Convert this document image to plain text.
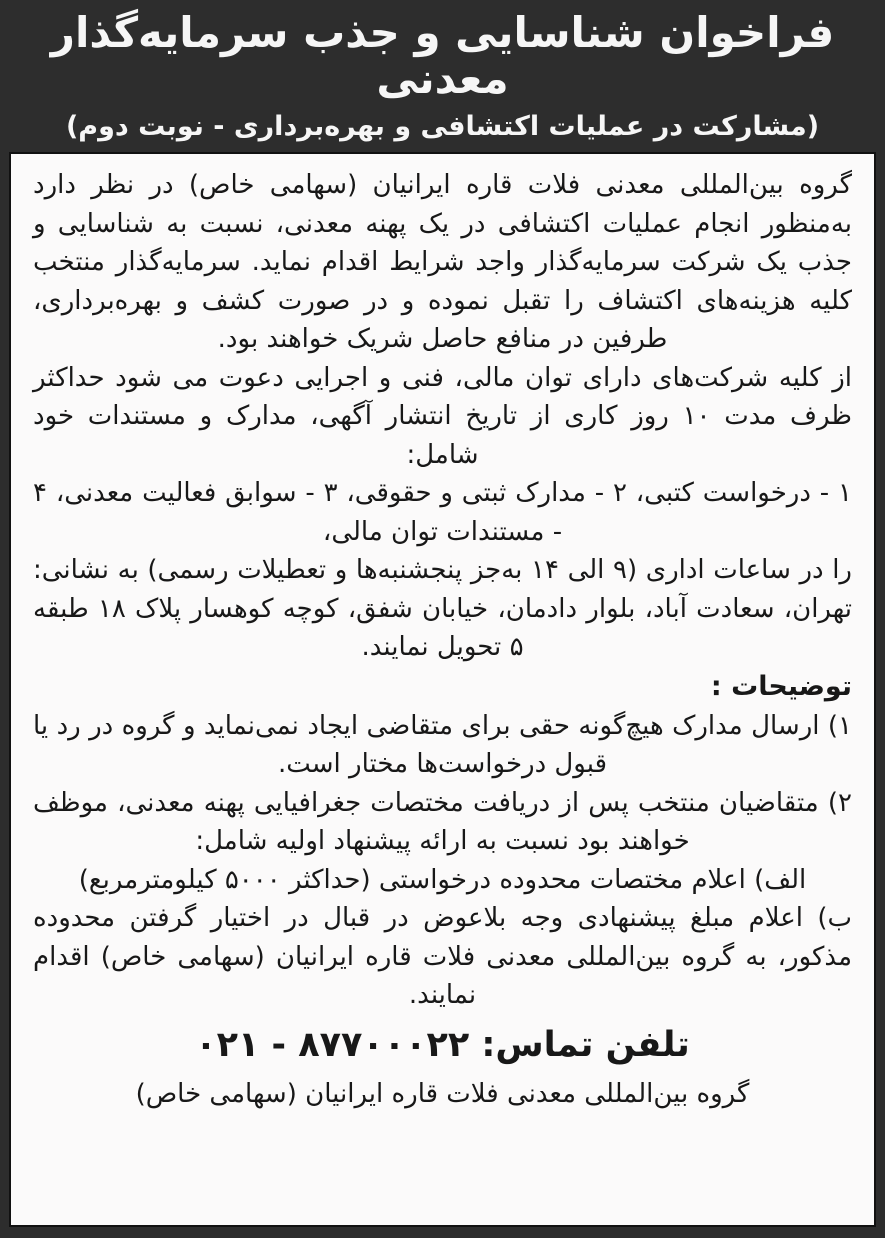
فراخوان شناسایی و جذب سرمایه‌گذار معدنی
(مشارکت در عملیات اکتشافی و بهره‌برداری - نوبت دوم)

گروه بین‌المللی معدنی فلات قاره ایرانیان (سهامی خاص) در نظر دارد به‌منظور انجام عملیات اکتشافی در یک پهنه معدنی، نسبت به شناسایی و جذب یک شرکت سرمایه‌گذار واجد شرایط اقدام نماید. سرمایه‌گذار منتخب کلیه هزینه‌های اکتشاف را تقبل نموده و در صورت کشف و بهره‌برداری، طرفین در منافع حاصل شریک خواهند بود.

از کلیه شرکت‌های دارای توان مالی، فنی و اجرایی دعوت می شود حداکثر ظرف مدت ۱۰ روز کاری از تاریخ انتشار آگهی، مدارک و مستندات خود شامل:

۱ - درخواست کتبی، ۲ - مدارک ثبتی و حقوقی، ۳ - سوابق فعالیت معدنی، ۴ - مستندات توان مالی،

را در ساعات اداری (۹ الی ۱۴ به‌جز پنجشنبه‌ها و تعطیلات رسمی) به نشانی: تهران، سعادت آباد، بلوار دادمان، خیابان شفق، کوچه کوهسار پلاک ۱۸ طبقه ۵ تحویل نمایند.

توضیحات :

۱) ارسال مدارک هیچ‌گونه حقی برای متقاضی ایجاد نمی‌نماید و گروه در رد یا قبول درخواست‌ها مختار است.

۲) متقاضیان منتخب پس از دریافت مختصات جغرافیایی پهنه معدنی، موظف خواهند بود نسبت به ارائه پیشنهاد اولیه شامل:

الف) اعلام مختصات محدوده درخواستی (حداکثر ۵۰۰۰ کیلومترمربع)

ب) اعلام مبلغ پیشنهادی وجه بلاعوض در قبال در اختیار گرفتن محدوده مذکور، به گروه بین‌المللی معدنی فلات قاره ایرانیان (سهامی خاص) اقدام نمایند.

تلفن تماس: ۸۷۷۰۰۰۲۲ - ۰۲۱
گروه بین‌المللی معدنی فلات قاره ایرانیان (سهامی خاص)
